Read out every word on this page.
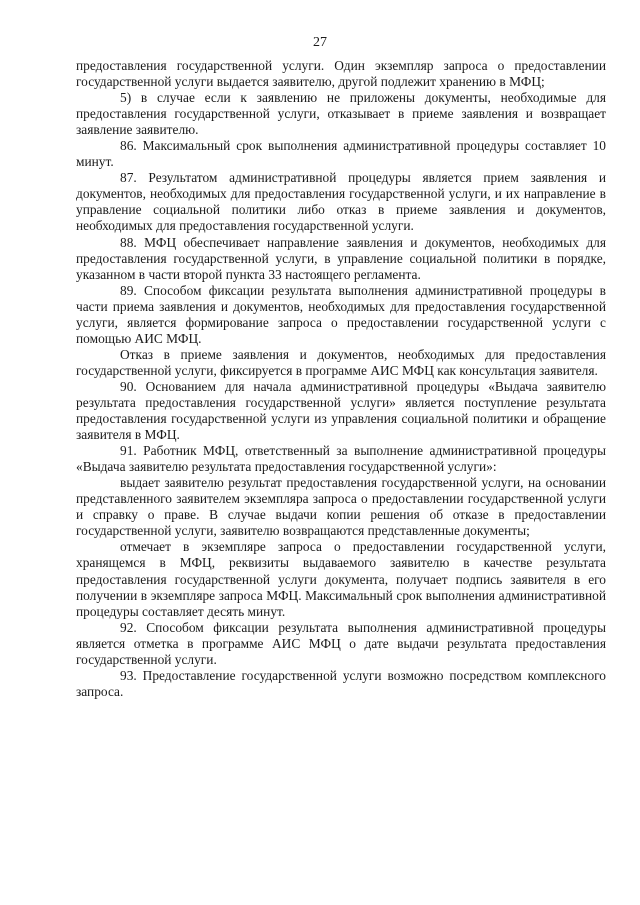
27

предоставления государственной услуги. Один экземпляр запроса о предоставлении государственной услуги выдается заявителю, другой подлежит хранению в МФЦ;

5) в случае если к заявлению не приложены документы, необходимые для предоставления государственной услуги, отказывает в приеме заявления и возвращает заявление заявителю.

86. Максимальный срок выполнения административной процедуры составляет 10 минут.

87. Результатом административной процедуры является прием заявления и документов, необходимых для предоставления государственной услуги, и их направление в управление социальной политики либо отказ в приеме заявления и документов, необходимых для предоставления государственной услуги.

88. МФЦ обеспечивает направление заявления и документов, необходимых для предоставления государственной услуги, в управление социальной политики в порядке, указанном в части второй пункта 33 настоящего регламента.

89. Способом фиксации результата выполнения административной процедуры в части приема заявления и документов, необходимых для предоставления государственной услуги, является формирование запроса о предоставлении государственной услуги с помощью АИС МФЦ.

Отказ в приеме заявления и документов, необходимых для предоставления государственной услуги, фиксируется в программе АИС МФЦ как консультация заявителя.

90. Основанием для начала административной процедуры «Выдача заявителю результата предоставления государственной услуги» является поступление результата предоставления государственной услуги из управления социальной политики и обращение заявителя в МФЦ.

91. Работник МФЦ, ответственный за выполнение административной процедуры «Выдача заявителю результата предоставления государственной услуги»:

выдает заявителю результат предоставления государственной услуги, на основании представленного заявителем экземпляра запроса о предоставлении государственной услуги и справку о праве. В случае выдачи копии решения об отказе в предоставлении государственной услуги, заявителю возвращаются представленные документы;

отмечает в экземпляре запроса о предоставлении государственной услуги, хранящемся в МФЦ, реквизиты выдаваемого заявителю в качестве результата предоставления государственной услуги документа, получает подпись заявителя в его получении в экземпляре запроса МФЦ. Максимальный срок выполнения административной процедуры составляет десять минут.

92. Способом фиксации результата выполнения административной процедуры является отметка в программе АИС МФЦ о дате выдачи результата предоставления государственной услуги.

93. Предоставление государственной услуги возможно посредством комплексного запроса.
